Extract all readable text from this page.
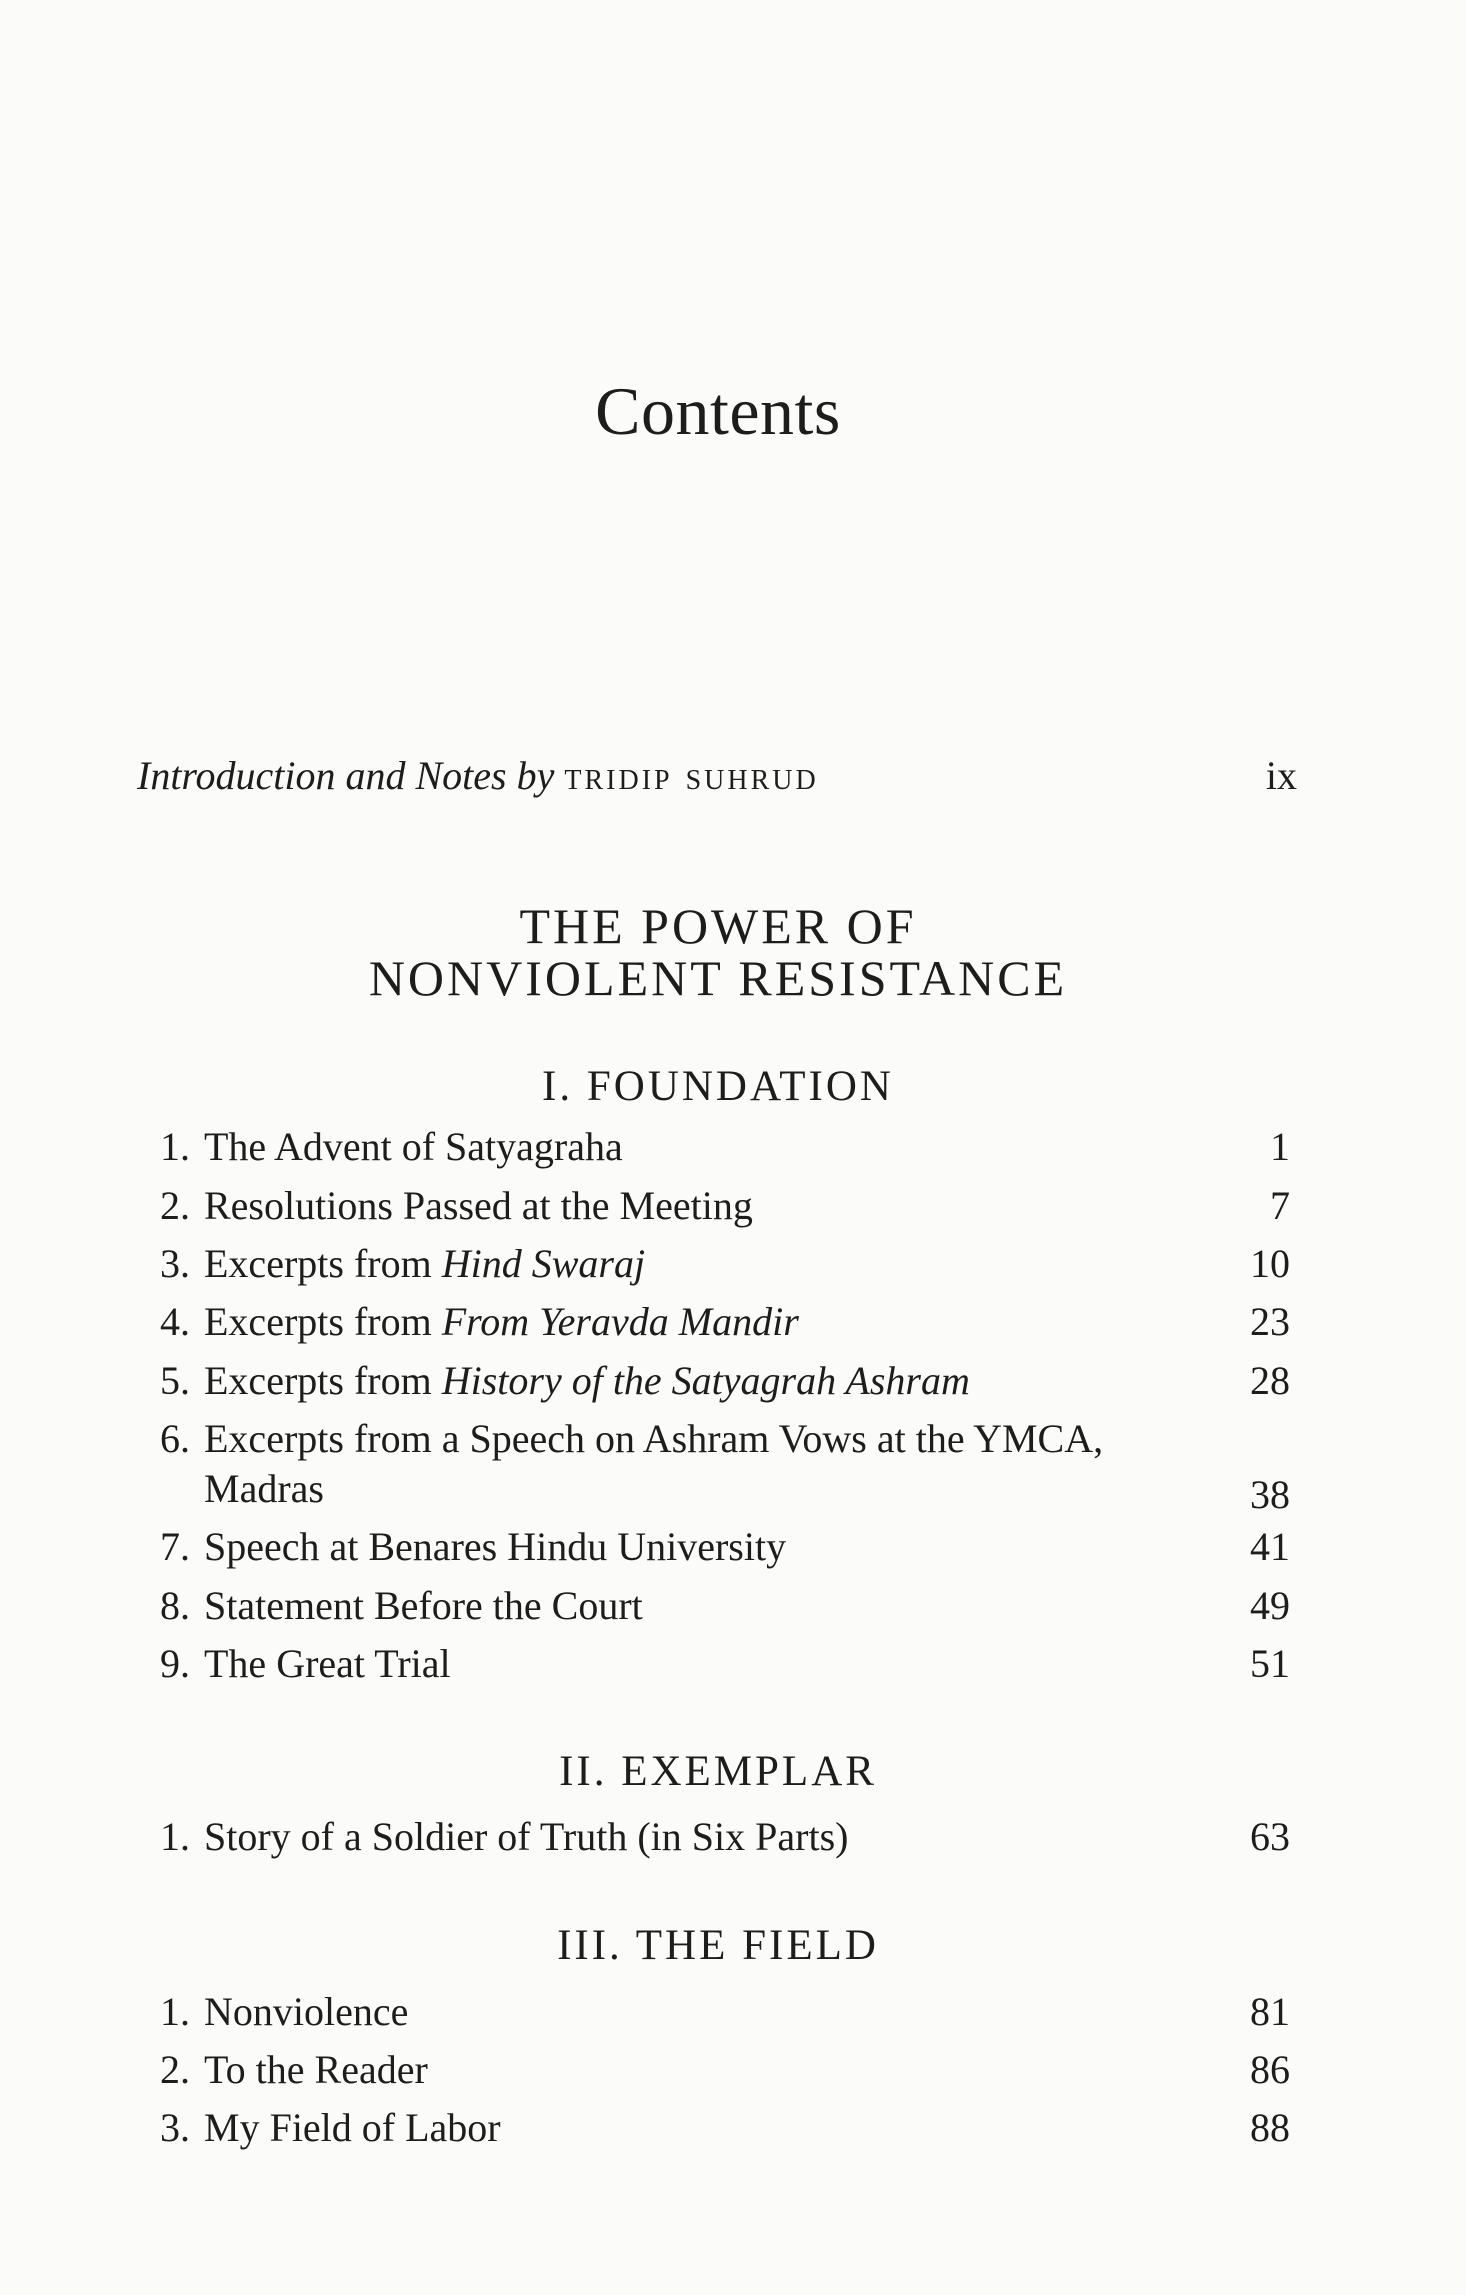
Contents
Introduction and Notes by tridip suhrud	ix
THE POWER OF
NONVIOLENT RESISTANCE
I. FOUNDATION
1. The Advent of Satyagraha	1
2. Resolutions Passed at the Meeting	7
3. Excerpts from Hind Swaraj	10
4. Excerpts from From Yeravda Mandir	23
5. Excerpts from History of the Satyagrah Ashram	28
6. Excerpts from a Speech on Ashram Vows at the YMCA,
Madras	38
7. Speech at Benares Hindu University	41
8. Statement Before the Court	49
9. The Great Trial	51
II. EXEMPLAR
1. Story of a Soldier of Truth (in Six Parts)	63
III. THE FIELD
1. Nonviolence	81
2. To the Reader	86
3. My Field of Labor	88
